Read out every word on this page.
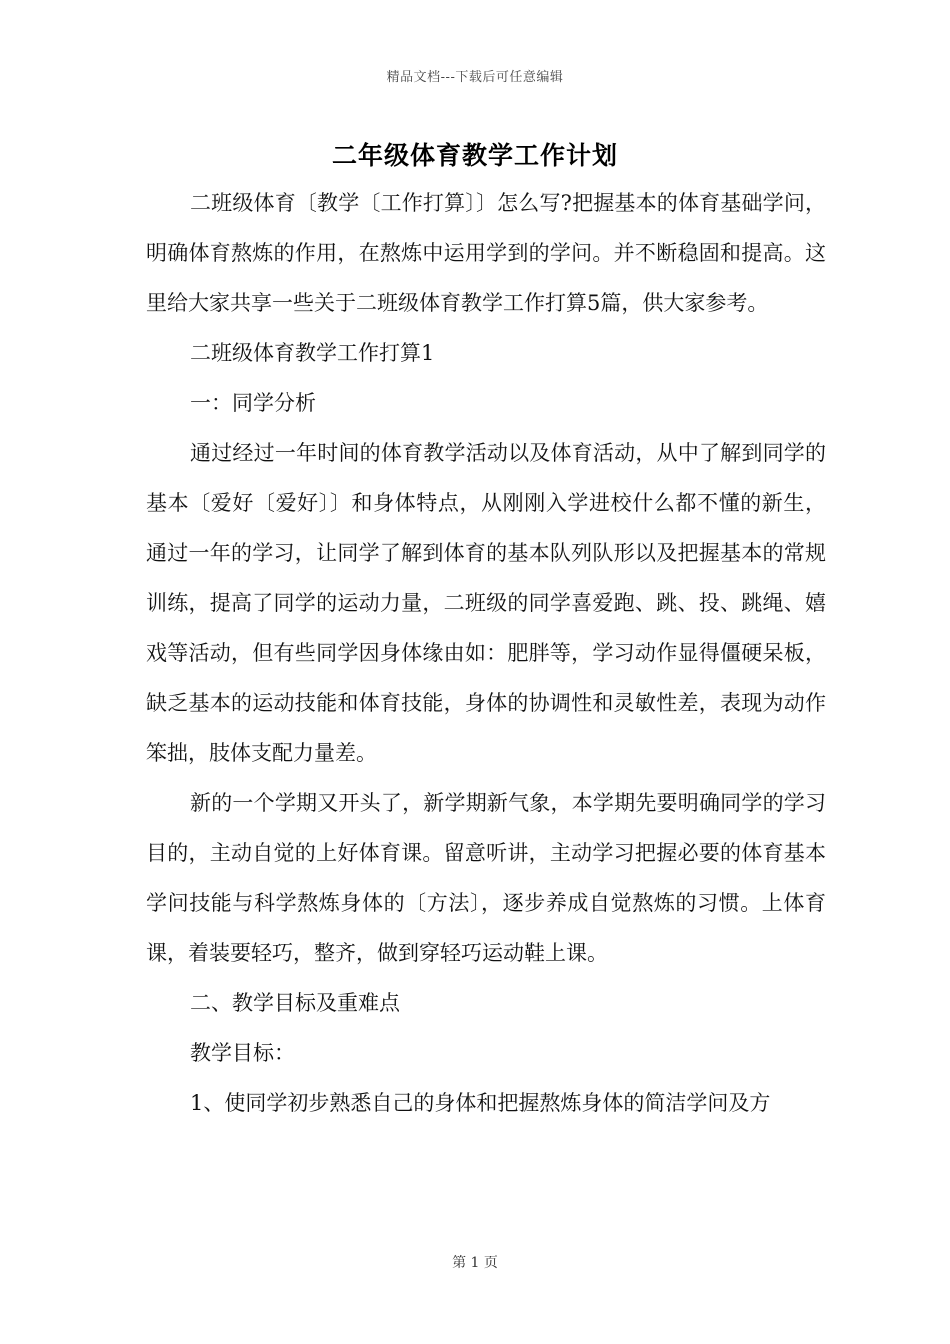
精品文档---下载后可任意编辑
二年级体育教学工作计划

二班级体育〔教学〔工作打算〕〕怎么写?把握基本的体育基础学问，明确体育熬炼的作用，在熬炼中运用学到的学问。并不断稳固和提高。这里给大家共享一些关于二班级体育教学工作打算5篇，供大家参考。

二班级体育教学工作打算1

一：同学分析

通过经过一年时间的体育教学活动以及体育活动，从中了解到同学的基本〔爱好〔爱好〕〕和身体特点，从刚刚入学进校什么都不懂的新生，通过一年的学习，让同学了解到体育的基本队列队形以及把握基本的常规训练，提高了同学的运动力量，二班级的同学喜爱跑、跳、投、跳绳、嬉戏等活动，但有些同学因身体缘由如：肥胖等，学习动作显得僵硬呆板，缺乏基本的运动技能和体育技能，身体的协调性和灵敏性差，表现为动作笨拙，肢体支配力量差。

新的一个学期又开头了，新学期新气象，本学期先要明确同学的学习目的，主动自觉的上好体育课。留意听讲，主动学习把握必要的体育基本学问技能与科学熬炼身体的〔方法〕，逐步养成自觉熬炼的习惯。上体育课，着装要轻巧，整齐，做到穿轻巧运动鞋上课。

二、教学目标及重难点

教学目标：

1、使同学初步熟悉自己的身体和把握熬炼身体的简洁学问及方

第 1 页
